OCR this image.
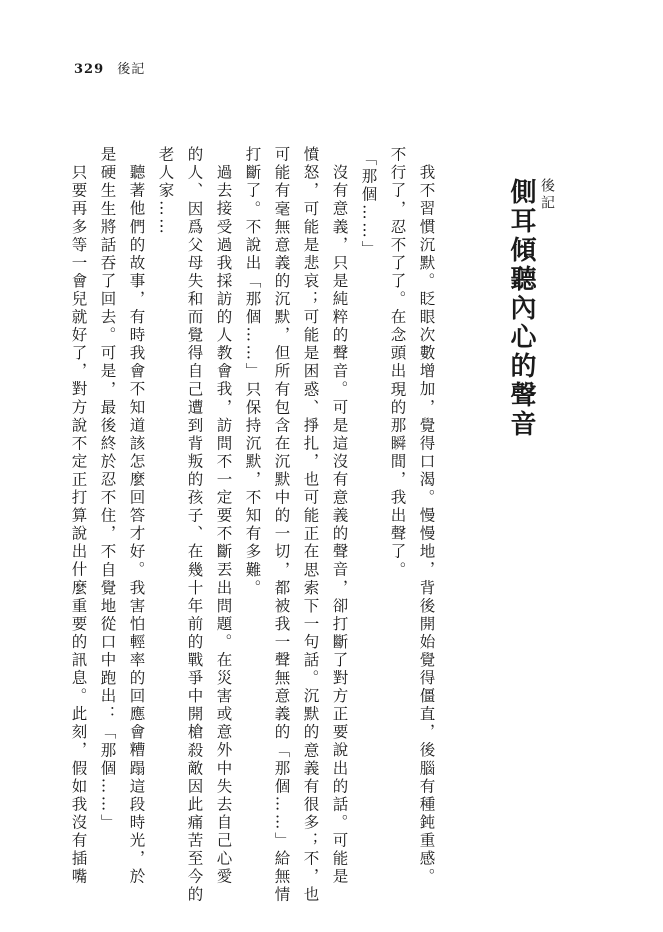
329 後記
後記
側耳傾聽內心的聲音
我不習慣沉默。眨眼次數增加，覺得口渴。慢慢地，背後開始覺得僵直，後腦有種鈍重感。
不行了，忍不了了。在念頭出現的那瞬間，我出聲了。
「那個……」
沒有意義，只是純粹的聲音。可是這沒有意義的聲音，卻打斷了對方正要說出的話。可能是
憤怒，可能是悲哀；可能是困惑、掙扎，也可能正在思索下一句話。沉默的意義有很多；不，也
可能有毫無意義的沉默，但所有包含在沉默中的一切，都被我一聲無意義的「那個……」給無情
打斷了。不說出「那個……」只保持沉默，不知有多難。
過去接受過我採訪的人教會我，訪問不一定要不斷丟出問題。在災害或意外中失去自己心愛
的人、因爲父母失和而覺得自己遭到背叛的孩子、在幾十年前的戰爭中開槍殺敵因此痛苦至今的
老人家……
聽著他們的故事，有時我會不知道該怎麼回答才好。我害怕輕率的回應會糟蹋這段時光，於
是硬生生將話吞了回去。可是，最後終於忍不住，不自覺地從口中跑出：「那個……」
只要再多等一會兒就好了，對方說不定正打算說出什麼重要的訊息。此刻，假如我沒有插嘴
